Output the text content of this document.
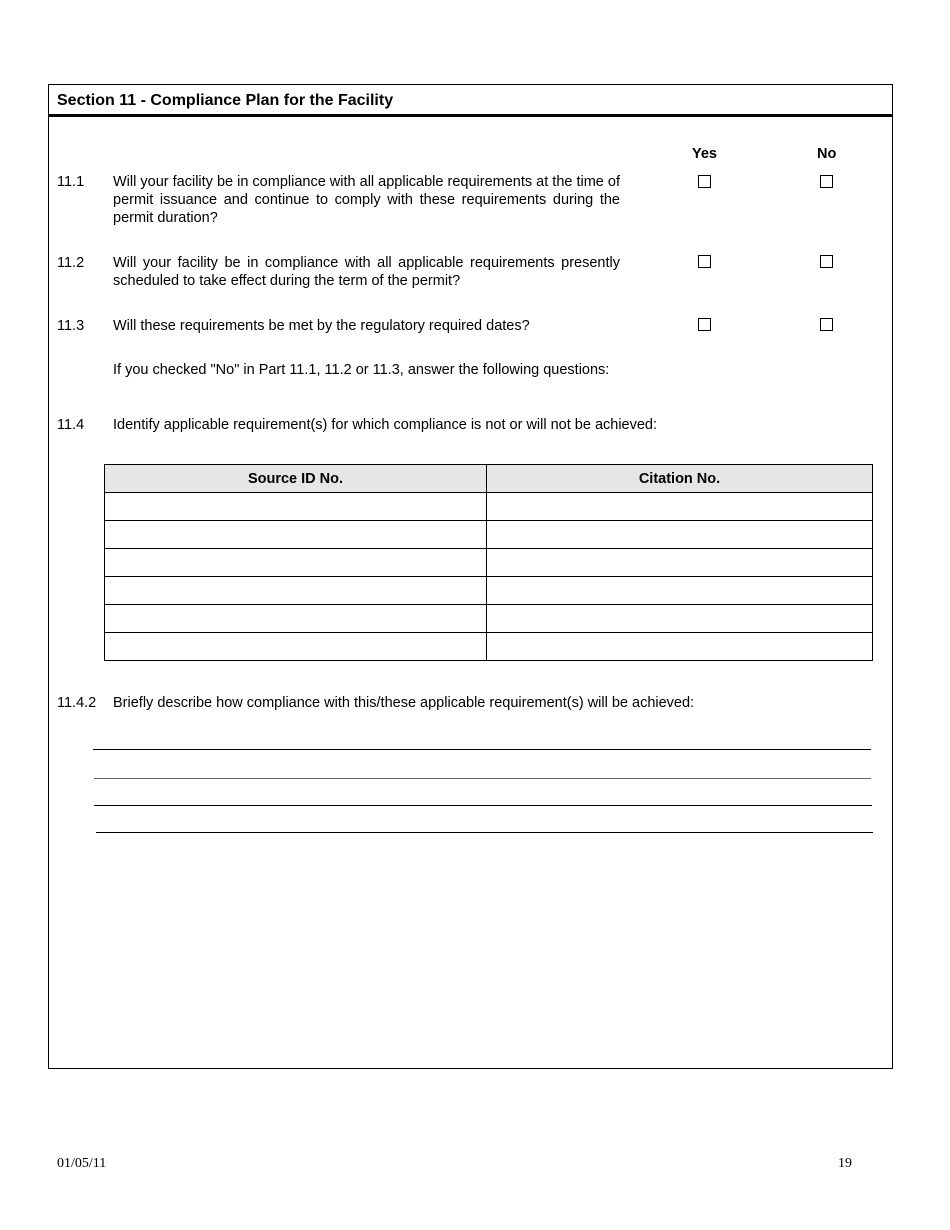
Section 11 - Compliance Plan for the Facility
Yes	No
11.1 Will your facility be in compliance with all applicable requirements at the time of permit issuance and continue to comply with these requirements during the permit duration?
11.2 Will your facility be in compliance with all applicable requirements presently scheduled to take effect during the term of the permit?
11.3 Will these requirements be met by the regulatory required dates?
If you checked "No" in Part 11.1, 11.2 or 11.3, answer the following questions:
11.4 Identify applicable requirement(s) for which compliance is not or will not be achieved:
Source ID No.	Citation No.

11.4.2 Briefly describe how compliance with this/these applicable requirement(s) will be achieved:
01/05/11	19
